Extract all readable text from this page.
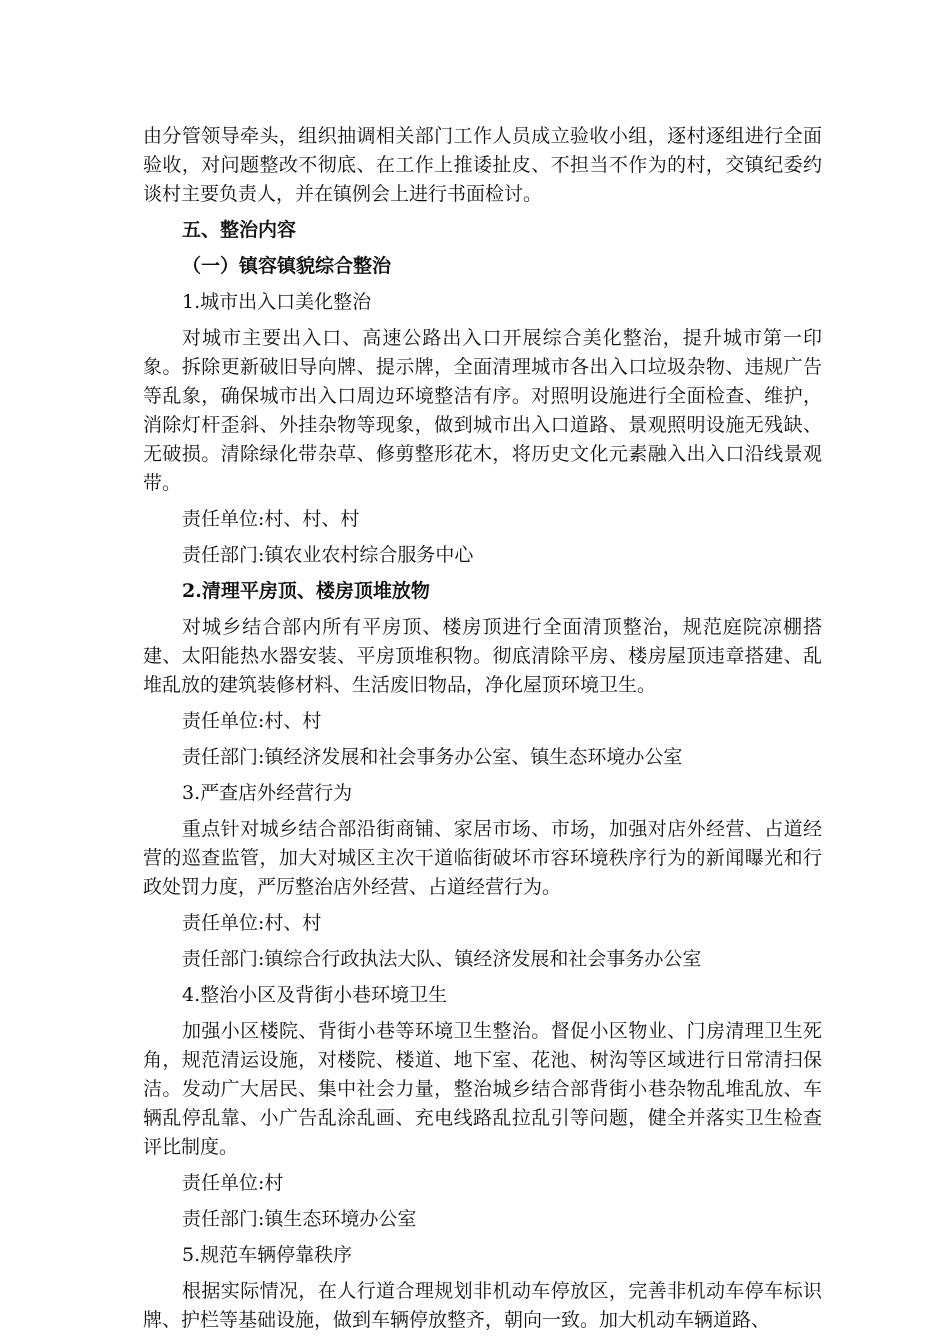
由分管领导牵头，组织抽调相关部门工作人员成立验收小组，逐村逐组进行全面验收，对问题整改不彻底、在工作上推诿扯皮、不担当不作为的村，交镇纪委约谈村主要负责人，并在镇例会上进行书面检讨。

五、整治内容

（一）镇容镇貌综合整治

1.城市出入口美化整治

对城市主要出入口、高速公路出入口开展综合美化整治，提升城市第一印象。拆除更新破旧导向牌、提示牌，全面清理城市各出入口垃圾杂物、违规广告等乱象，确保城市出入口周边环境整洁有序。对照明设施进行全面检查、维护，消除灯杆歪斜、外挂杂物等现象，做到城市出入口道路、景观照明设施无残缺、无破损。清除绿化带杂草、修剪整形花木，将历史文化元素融入出入口沿线景观带。

责任单位:村、村、村

责任部门:镇农业农村综合服务中心

2.清理平房顶、楼房顶堆放物

对城乡结合部内所有平房顶、楼房顶进行全面清顶整治，规范庭院凉棚搭建、太阳能热水器安装、平房顶堆积物。彻底清除平房、楼房屋顶违章搭建、乱堆乱放的建筑装修材料、生活废旧物品，净化屋顶环境卫生。

责任单位:村、村

责任部门:镇经济发展和社会事务办公室、镇生态环境办公室

3.严查店外经营行为

重点针对城乡结合部沿街商铺、家居市场、市场，加强对店外经营、占道经营的巡查监管，加大对城区主次干道临街破坏市容环境秩序行为的新闻曝光和行政处罚力度，严厉整治店外经营、占道经营行为。

责任单位:村、村

责任部门:镇综合行政执法大队、镇经济发展和社会事务办公室

4.整治小区及背街小巷环境卫生

加强小区楼院、背街小巷等环境卫生整治。督促小区物业、门房清理卫生死角，规范清运设施，对楼院、楼道、地下室、花池、树沟等区域进行日常清扫保洁。发动广大居民、集中社会力量，整治城乡结合部背街小巷杂物乱堆乱放、车辆乱停乱靠、小广告乱涂乱画、充电线路乱拉乱引等问题，健全并落实卫生检查评比制度。

责任单位:村

责任部门:镇生态环境办公室

5.规范车辆停靠秩序

根据实际情况，在人行道合理规划非机动车停放区，完善非机动车停车标识牌、护栏等基础设施，做到车辆停放整齐，朝向一致。加大机动车辆道路、
